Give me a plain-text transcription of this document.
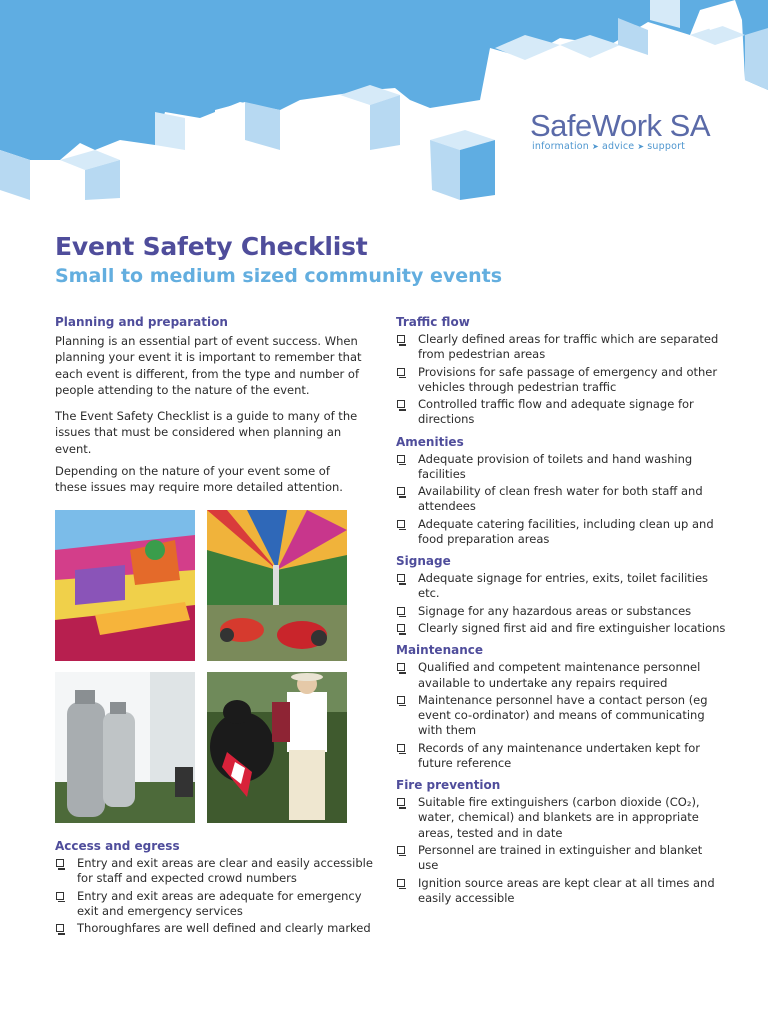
SafeWork SA
information ➤ advice ➤ support
Event Safety Checklist
Small to medium sized community events
Planning and preparation

Planning is an essential part of event success. When planning your event it is important to remember that each event is different, from the type and number of people attending to the nature of the event.

The Event Safety Checklist is a guide to many of the issues that must be considered when planning an event.

Depending on the nature of your event some of these issues may require more detailed attention.

Access and egress
Entry and exit areas are clear and easily accessible for staff and expected crowd numbers
Entry and exit areas are adequate for emergency exit and emergency services
Thoroughfares are well defined and clearly marked
Traffic flow
Clearly defined areas for traffic which are separated from pedestrian areas
Provisions for safe passage of emergency and other vehicles through pedestrian traffic
Controlled traffic flow and adequate signage for directions
Amenities
Adequate provision of toilets and hand washing facilities
Availability of clean fresh water for both staff and attendees
Adequate catering facilities, including clean up and food preparation areas
Signage
Adequate signage for entries, exits, toilet facilities etc.
Signage for any hazardous areas or substances
Clearly signed first aid and fire extinguisher locations
Maintenance
Qualified and competent maintenance personnel available to undertake any repairs required
Maintenance personnel have a contact person (eg event co-ordinator) and means of communicating with them
Records of any maintenance undertaken kept for future reference
Fire prevention
Suitable fire extinguishers (carbon dioxide (CO₂), water, chemical) and blankets are in appropriate areas, tested and in date
Personnel are trained in extinguisher and blanket use
Ignition source areas are kept clear at all times and easily accessible
